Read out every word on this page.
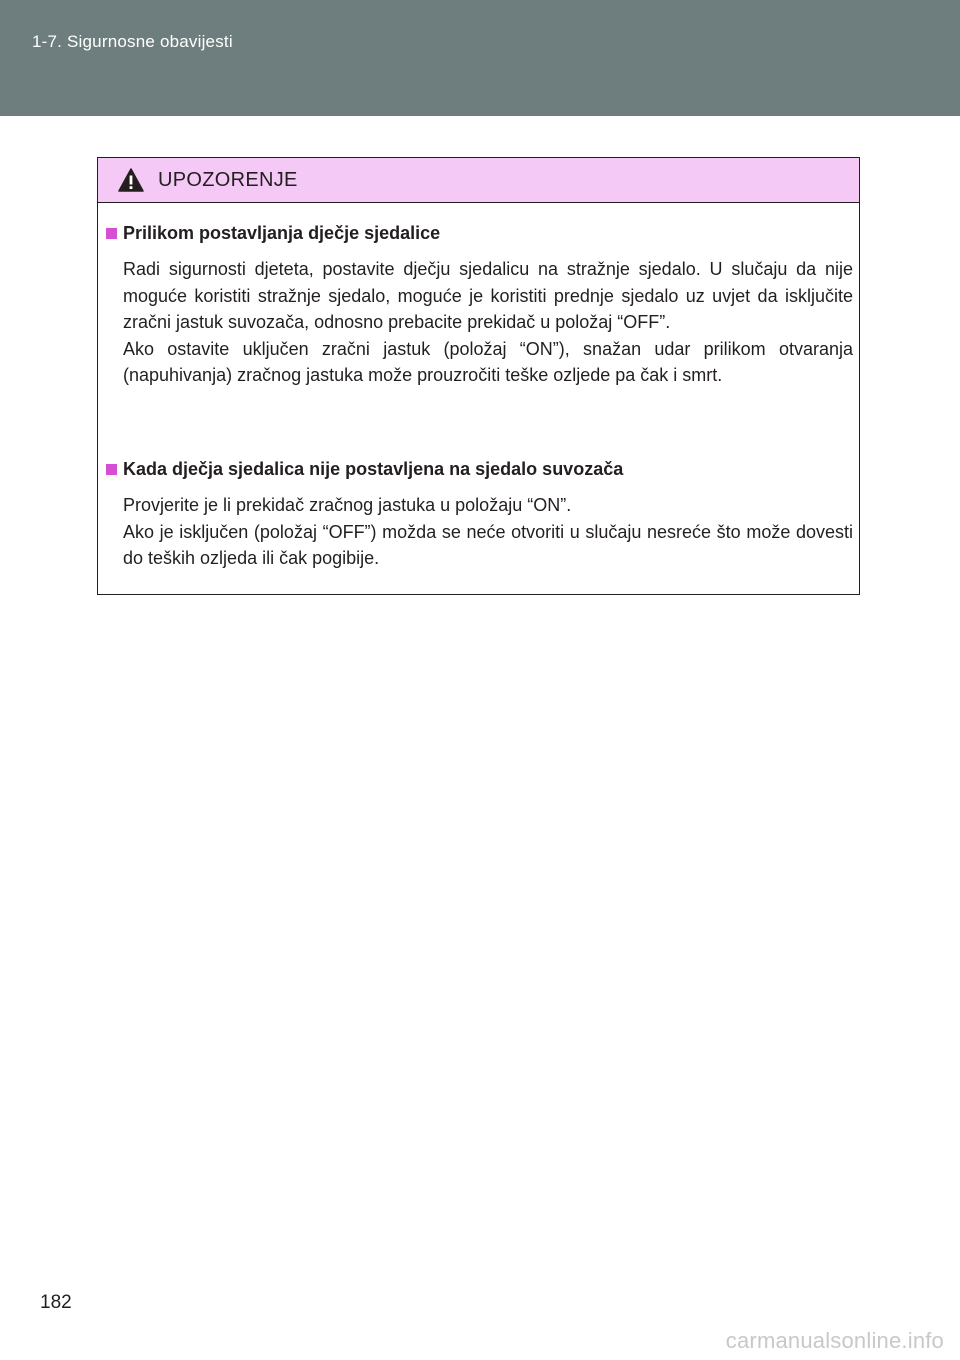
1-7. Sigurnosne obavijesti
UPOZORENJE
Prilikom postavljanja dječje sjedalice

Radi sigurnosti djeteta, postavite dječju sjedalicu na stražnje sjedalo. U slučaju da nije moguće koristiti stražnje sjedalo, moguće je koristiti prednje sjedalo uz uvjet da isključite zračni jastuk suvozača, odnosno prebacite prekidač u položaj “OFF”.

Ako ostavite uključen zračni jastuk (položaj “ON”), snažan udar prilikom otvaranja (napuhivanja) zračnog jastuka može prouzročiti teške ozljede pa čak i smrt.

Kada dječja sjedalica nije postavljena na sjedalo suvozača

Provjerite je li prekidač zračnog jastuka u položaju “ON”.

Ako je isključen (položaj “OFF”) možda se neće otvoriti u slučaju nesreće što može dovesti do teških ozljeda ili čak pogibije.

182
carmanualsonline.info
